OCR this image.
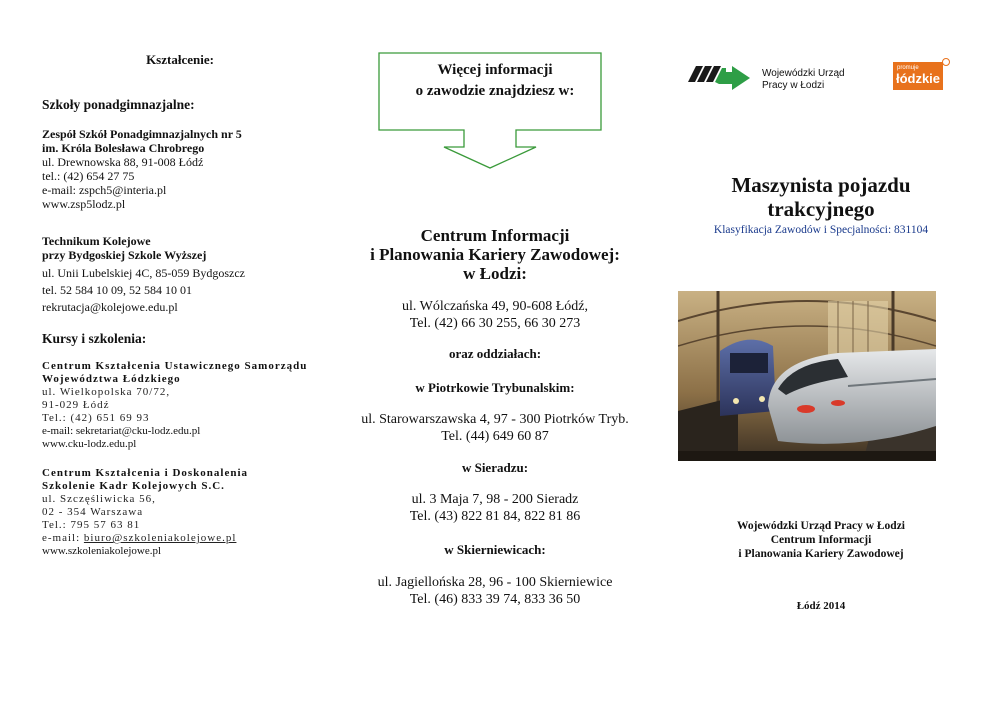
Kształcenie:
Szkoły ponadgimnazjalne:
Zespół Szkół Ponadgimnazjalnych nr 5
im. Króla Bolesława Chrobrego
ul. Drewnowska 88, 91-008 Łódź
tel.: (42) 654 27 75
e-mail: zspch5@interia.pl
www.zsp5lodz.pl
Technikum Kolejowe
przy Bydgoskiej Szkole Wyższej
ul. Unii Lubelskiej 4C, 85-059 Bydgoszcz
tel. 52 584 10 09, 52 584 10 01
rekrutacja@kolejowe.edu.pl
Kursy i szkolenia:
Centrum Kształcenia Ustawicznego Samorządu
Województwa Łódzkiego
ul. Wielkopolska 70/72,
91-029 Łódź
Tel.: (42) 651 69 93
e-mail: sekretariat@cku-lodz.edu.pl
www.cku-lodz.edu.pl
Centrum Kształcenia i Doskonalenia
Szkolenie Kadr Kolejowych S.C.
ul. Szczęśliwicka 56,
02 - 354 Warszawa
Tel.: 795 57 63 81
e-mail: biuro@szkoleniakolejowe.pl
www.szkoleniakolejowe.pl
Więcej informacji
o zawodzie znajdziesz w:
Centrum Informacji
i Planowania Kariery Zawodowej:
w Łodzi:
ul. Wólczańska 49, 90-608 Łódź,
Tel. (42) 66 30 255, 66 30 273
oraz oddziałach:
w Piotrkowie Trybunalskim:
ul. Starowarszawska 4, 97 - 300 Piotrków Tryb.
Tel. (44) 649 60 87
w Sieradzu:
ul. 3 Maja 7, 98 - 200 Sieradz
Tel. (43) 822 81 84, 822 81 86
w Skierniewicach:
ul. Jagiellońska 28, 96 - 100 Skierniewice
Tel. (46) 833 39 74, 833 36 50
Wojewódzki Urząd
Pracy w Łodzi
promuje
łódzkie
Maszynista pojazdu
trakcyjnego
Klasyfikacja Zawodów i Specjalności: 831104
Wojewódzki Urząd Pracy w Łodzi
Centrum Informacji
i Planowania Kariery Zawodowej
Łódź 2014
